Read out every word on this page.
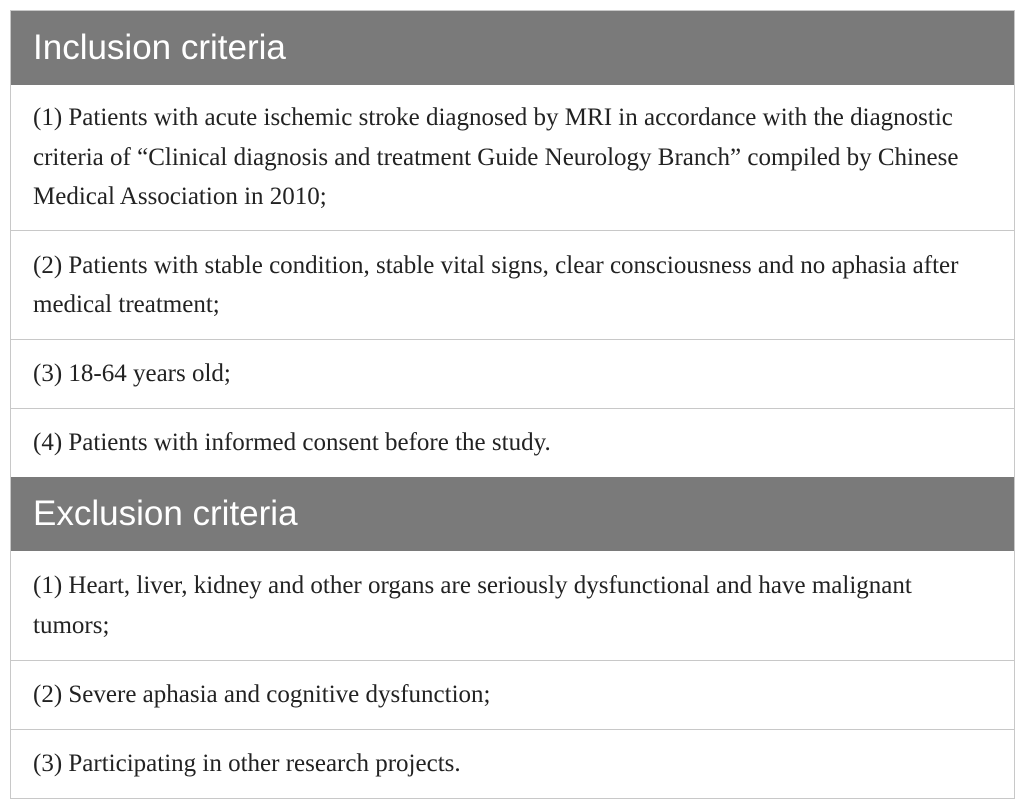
Inclusion criteria
(1) Patients with acute ischemic stroke diagnosed by MRI in accordance with the diagnostic criteria of “Clinical diagnosis and treatment Guide Neurology Branch” compiled by Chinese Medical Association in 2010;
(2) Patients with stable condition, stable vital signs, clear consciousness and no aphasia after medical treatment;
(3) 18-64 years old;
(4) Patients with informed consent before the study.
Exclusion criteria
(1) Heart, liver, kidney and other organs are seriously dysfunctional and have malignant tumors;
(2) Severe aphasia and cognitive dysfunction;
(3) Participating in other research projects.
